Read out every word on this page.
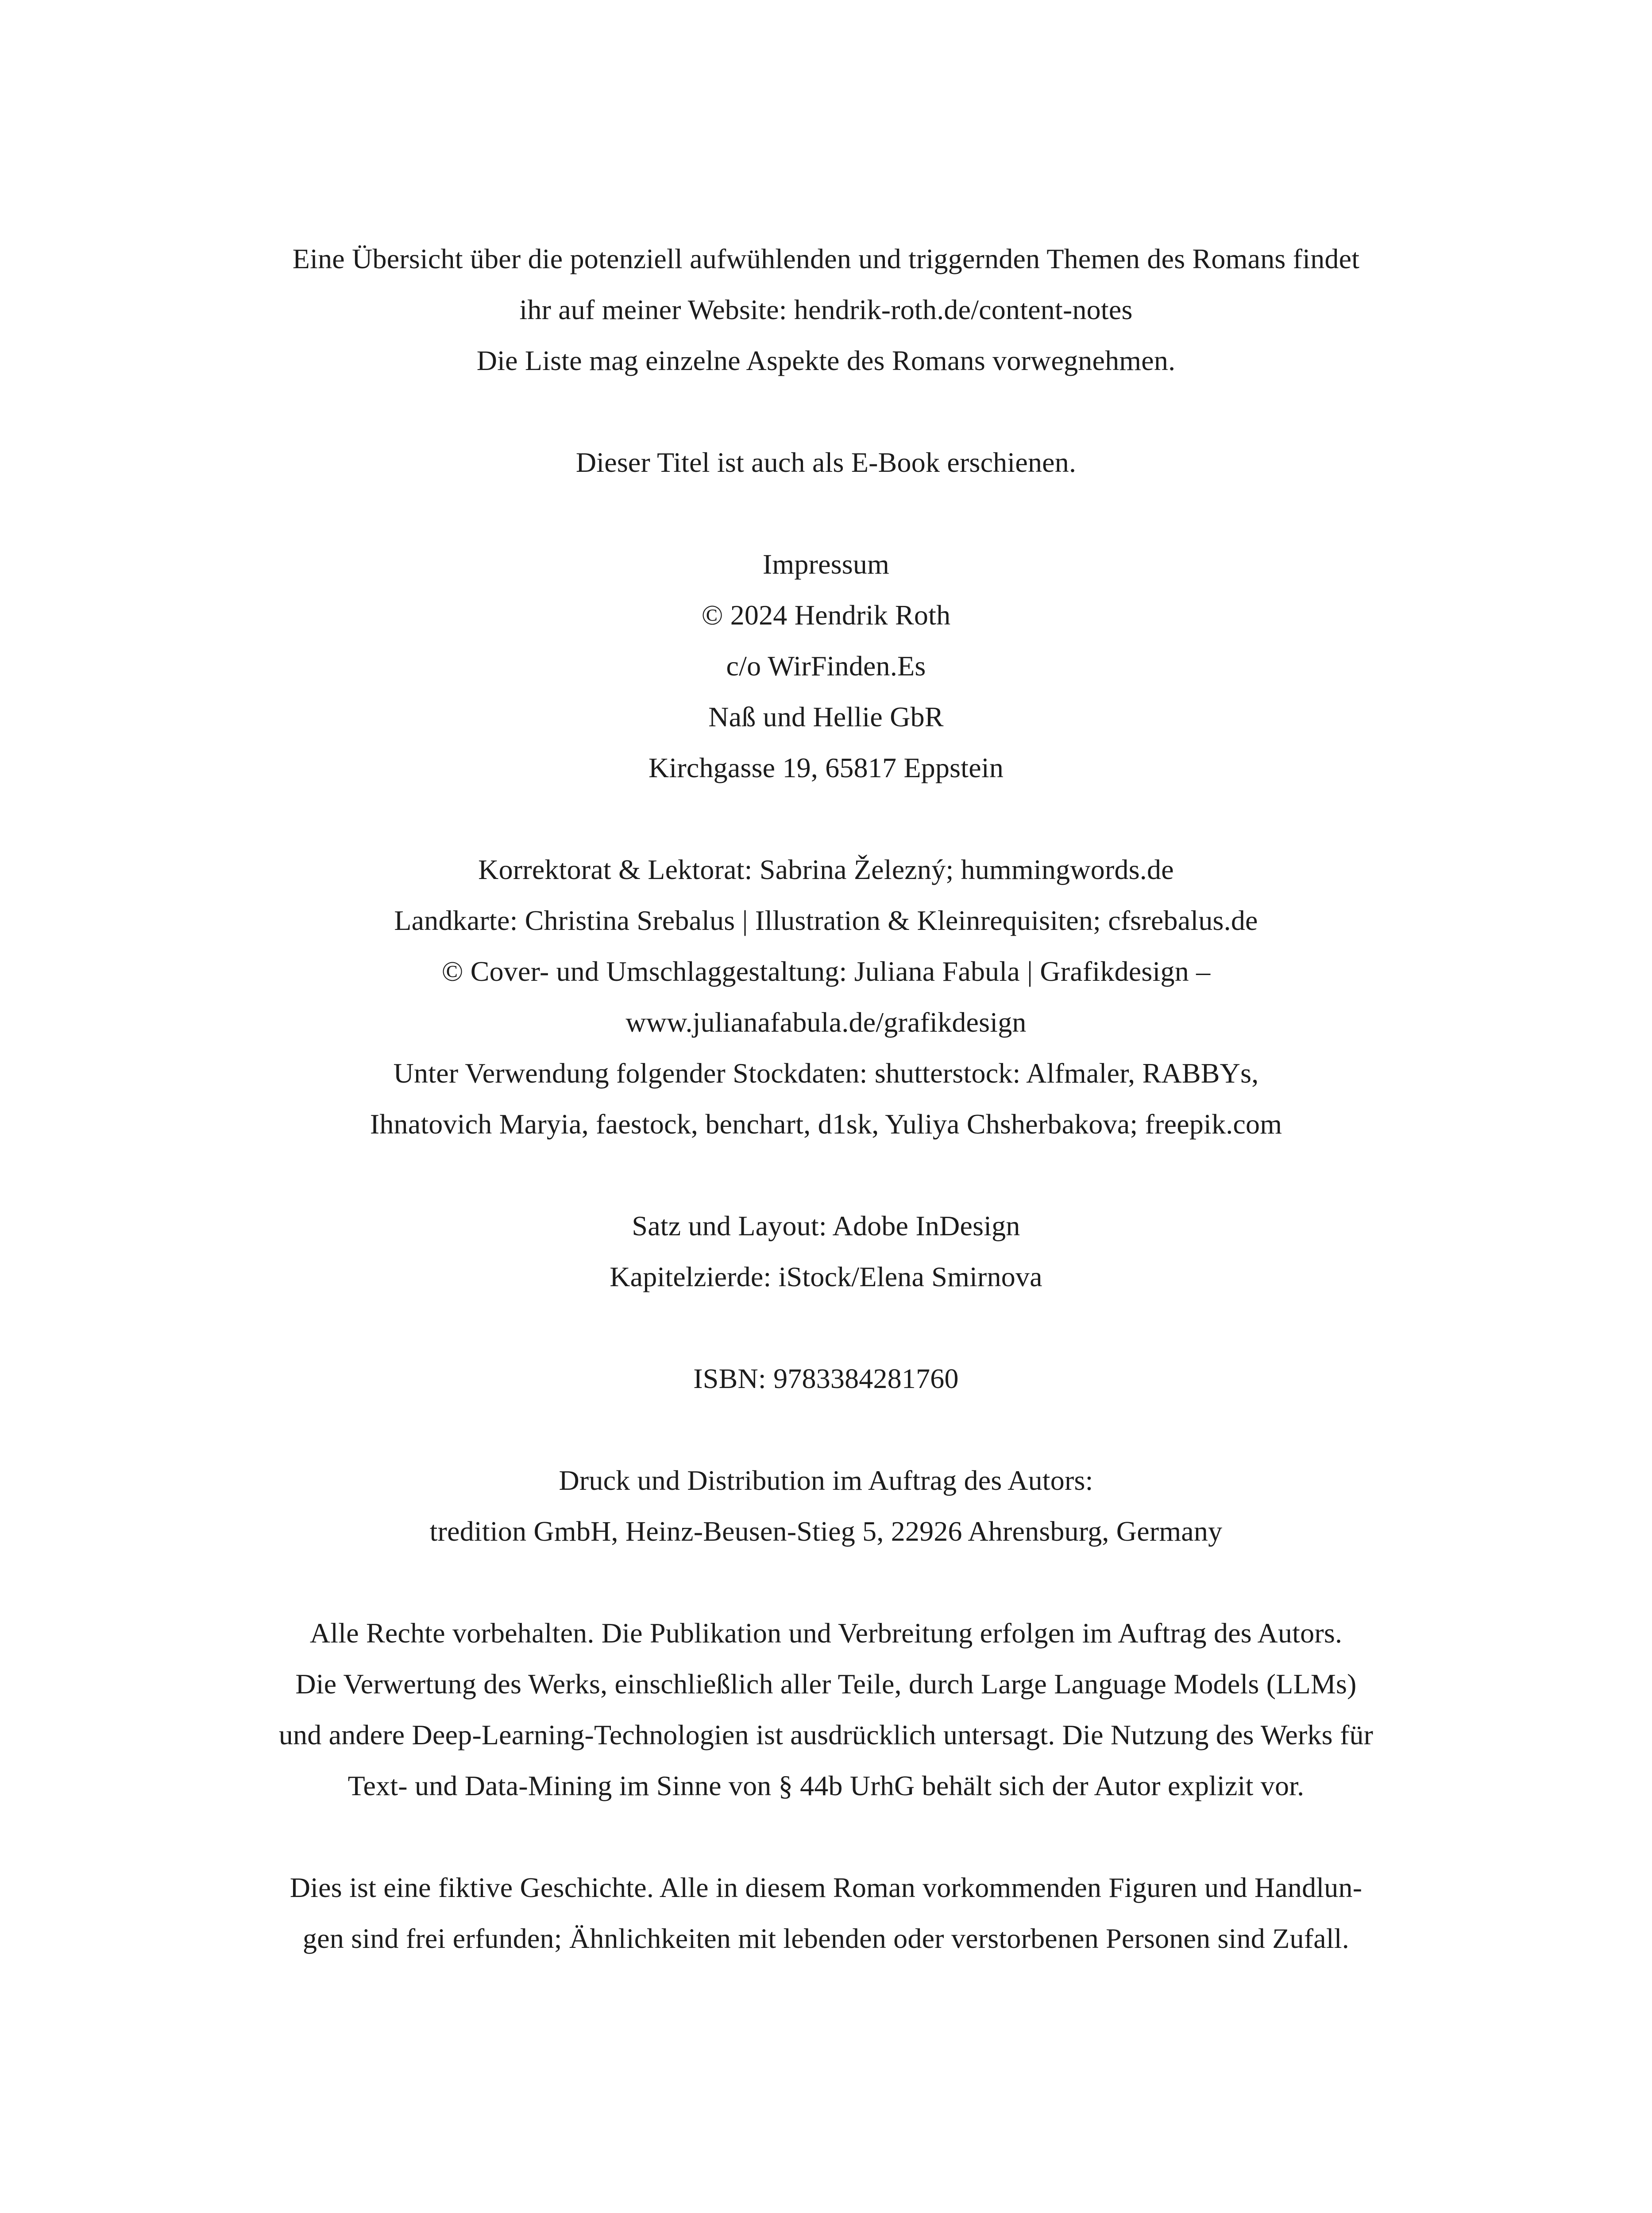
Eine Übersicht über die potenziell aufwühlenden und triggernden Themen des Romans findet
ihr auf meiner Website: hendrik-roth.de/content-notes
Die Liste mag einzelne Aspekte des Romans vorwegnehmen.
Dieser Titel ist auch als E-Book erschienen.
Impressum
© 2024 Hendrik Roth
c/o WirFinden.Es
Naß und Hellie GbR
Kirchgasse 19, 65817 Eppstein
Korrektorat & Lektorat: Sabrina Železný; hummingwords.de
Landkarte: Christina Srebalus | Illustration & Kleinrequisiten; cfsrebalus.de
© Cover- und Umschlaggestaltung: Juliana Fabula | Grafikdesign –
www.julianafabula.de/grafikdesign
Unter Verwendung folgender Stockdaten: shutterstock: Alfmaler, RABBYs,
Ihnatovich Maryia, faestock, benchart, d1sk, Yuliya Chsherbakova; freepik.com
Satz und Layout: Adobe InDesign
Kapitelzierde: iStock/Elena Smirnova
ISBN: 9783384281760
Druck und Distribution im Auftrag des Autors:
tredition GmbH, Heinz-Beusen-Stieg 5, 22926 Ahrensburg, Germany
Alle Rechte vorbehalten. Die Publikation und Verbreitung erfolgen im Auftrag des Autors.
Die Verwertung des Werks, einschließlich aller Teile, durch Large Language Models (LLMs)
und andere Deep-Learning-Technologien ist ausdrücklich untersagt. Die Nutzung des Werks für
Text- und Data-Mining im Sinne von § 44b UrhG behält sich der Autor explizit vor.
Dies ist eine fiktive Geschichte. Alle in diesem Roman vorkommenden Figuren und Handlun-
gen sind frei erfunden; Ähnlichkeiten mit lebenden oder verstorbenen Personen sind Zufall.
